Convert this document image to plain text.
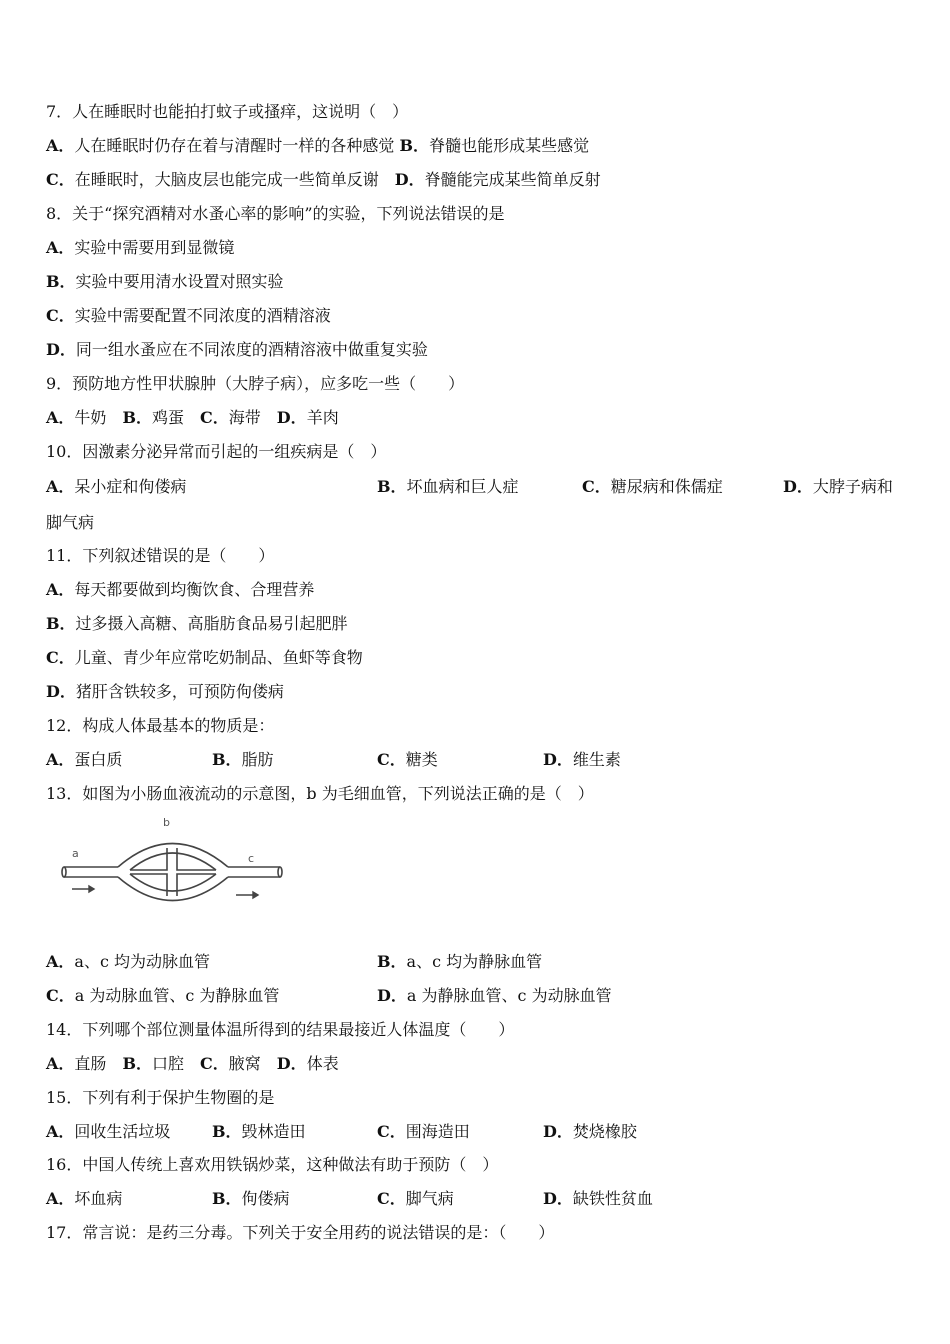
7．人在睡眠时也能拍打蚊子或搔痒，这说明（　）
A．人在睡眠时仍存在着与清醒时一样的各种感觉 B．脊髓也能形成某些感觉
C．在睡眠时，大脑皮层也能完成一些简单反谢　 D．脊髓能完成某些简单反射
8．关于“探究酒精对水蚤心率的影响”的实验，下列说法错误的是
A．实验中需要用到显微镜
B．实验中要用清水设置对照实验
C．实验中需要配置不同浓度的酒精溶液
D．同一组水蚤应在不同浓度的酒精溶液中做重复实验
9．预防地方性甲状腺肿（大脖子病），应多吃一些（　　）
A．牛奶　 B．鸡蛋　 C．海带　 D．羊肉
10．因激素分泌异常而引起的一组疾病是（　）
A．呆小症和佝偻病	B．坏血病和巨人症	C．糖尿病和侏儒症	D．大脖子病和
脚气病
11．下列叙述错误的是（　　）
A．每天都要做到均衡饮食、合理营养
B．过多摄入高糖、高脂肪食品易引起肥胖
C．儿童、青少年应常吃奶制品、鱼虾等食物
D．猪肝含铁较多，可预防佝偻病
12．构成人体最基本的物质是：
A．蛋白质	B．脂肪	C．糖类	D．维生素
13．如图为小肠血液流动的示意图，b 为毛细血管，下列说法正确的是（　）
a
b
c
A．a、c 均为动脉血管	B．a、c 均为静脉血管
C．a 为动脉血管、c 为静脉血管	D．a 为静脉血管、c 为动脉血管
14．下列哪个部位测量体温所得到的结果最接近人体温度（　　）
A．直肠　 B．口腔　 C．腋窝　 D．体表
15．下列有利于保护生物圈的是
A．回收生活垃圾	B．毁林造田	C．围海造田	D．焚烧橡胶
16．中国人传统上喜欢用铁锅炒菜，这种做法有助于预防（　）
A．坏血病	B．佝偻病	C．脚气病	D．缺铁性贫血
17．常言说：是药三分毒。下列关于安全用药的说法错误的是：（　　）
